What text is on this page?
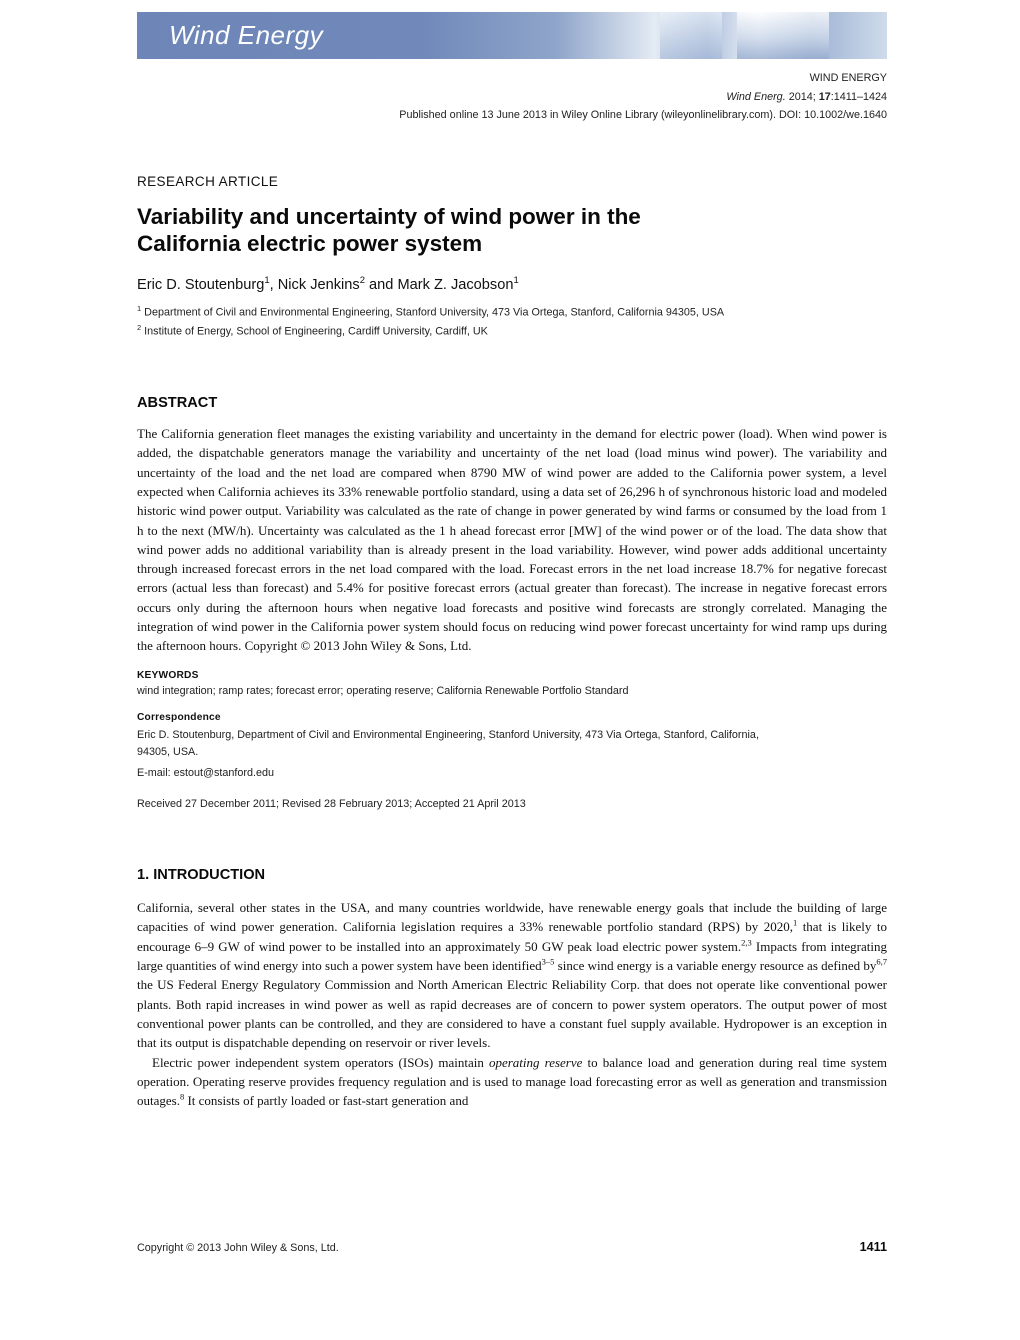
Wind Energy
WIND ENERGY
Wind Energ. 2014; 17:1411–1424
Published online 13 June 2013 in Wiley Online Library (wileyonlinelibrary.com). DOI: 10.1002/we.1640
RESEARCH ARTICLE
Variability and uncertainty of wind power in the
California electric power system
Eric D. Stoutenburg$^1$, Nick Jenkins$^2$ and Mark Z. Jacobson$^1$
$^1$ Department of Civil and Environmental Engineering, Stanford University, 473 Via Ortega, Stanford, California 94305, USA
$^2$ Institute of Energy, School of Engineering, Cardiff University, Cardiff, UK
ABSTRACT

The California generation fleet manages the existing variability and uncertainty in the demand for electric power (load). When wind power is added, the dispatchable generators manage the variability and uncertainty of the net load (load minus wind power). The variability and uncertainty of the load and the net load are compared when 8790 MW of wind power are added to the California power system, a level expected when California achieves its 33% renewable portfolio standard, using a data set of 26,296 h of synchronous historic load and modeled historic wind power output. Variability was calculated as the rate of change in power generated by wind farms or consumed by the load from 1 h to the next (MW/h). Uncertainty was calculated as the 1 h ahead forecast error [MW] of the wind power or of the load. The data show that wind power adds no additional variability than is already present in the load variability. However, wind power adds additional uncertainty through increased forecast errors in the net load compared with the load. Forecast errors in the net load increase 18.7% for negative forecast errors (actual less than forecast) and 5.4% for positive forecast errors (actual greater than forecast). The increase in negative forecast errors occurs only during the afternoon hours when negative load forecasts and positive wind forecasts are strongly correlated. Managing the integration of wind power in the California power system should focus on reducing wind power forecast uncertainty for wind ramp ups during the afternoon hours. Copyright © 2013 John Wiley & Sons, Ltd.

KEYWORDS
wind integration; ramp rates; forecast error; operating reserve; California Renewable Portfolio Standard
Correspondence
Eric D. Stoutenburg, Department of Civil and Environmental Engineering, Stanford University, 473 Via Ortega, Stanford, California,
94305, USA.
E-mail: estout@stanford.edu
Received 27 December 2011; Revised 28 February 2013; Accepted 21 April 2013
1. INTRODUCTION

California, several other states in the USA, and many countries worldwide, have renewable energy goals that include the building of large capacities of wind power generation. California legislation requires a 33% renewable portfolio standard (RPS) by 2020,$^1$ that is likely to encourage 6–9 GW of wind power to be installed into an approximately 50 GW peak load electric power system.$^{2,3}$ Impacts from integrating large quantities of wind energy into such a power system have been identified$^{3-5}$ since wind energy is a variable energy resource as defined by$^{6,7}$ the US Federal Energy Regulatory Commission and North American Electric Reliability Corp. that does not operate like conventional power plants. Both rapid increases in wind power as well as rapid decreases are of concern to power system operators. The output power of most conventional power plants can be controlled, and they are considered to have a constant fuel supply available. Hydropower is an exception in that its output is dispatchable depending on reservoir or river levels.

Electric power independent system operators (ISOs) maintain operating reserve to balance load and generation during real time system operation. Operating reserve provides frequency regulation and is used to manage load forecasting error as well as generation and transmission outages.$^8$ It consists of partly loaded or fast-start generation and

Copyright © 2013 John Wiley & Sons, Ltd.	1411
